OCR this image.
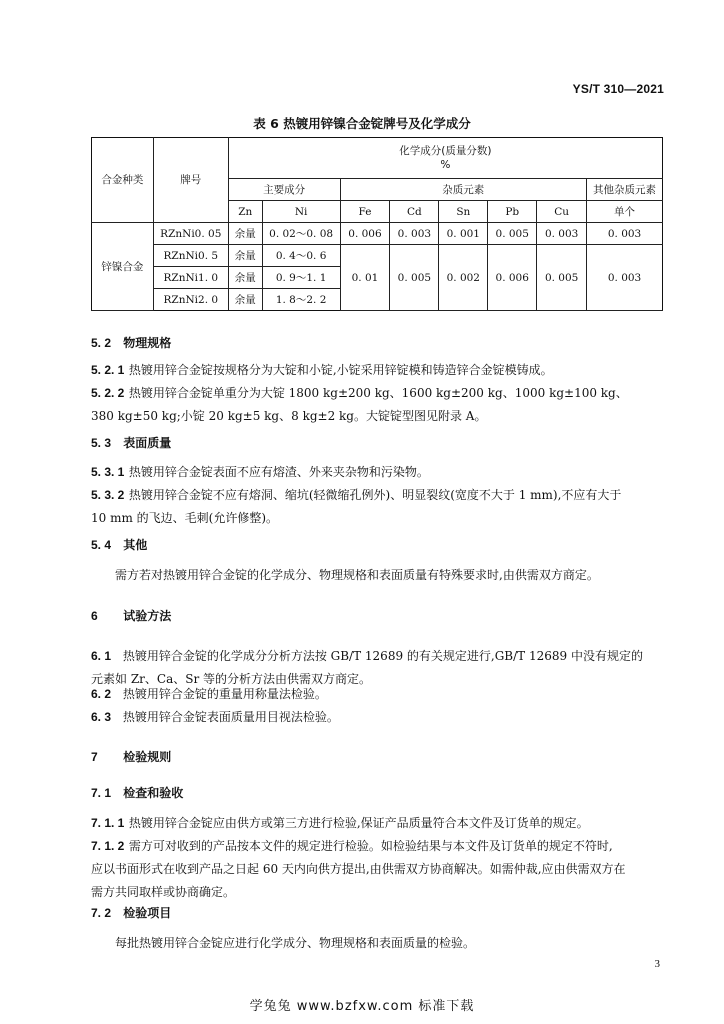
YS/T 310—2021
表 6 热镀用锌镍合金锭牌号及化学成分
合金种类	牌号	化学成分(质量分数)
%							

		主要成分		杂质元素					其他杂质元素
		Zn	Ni	Fe	Cd	Sn	Pb	Cu	单个
锌镍合金	RZnNi0. 05	余量	0. 02～0. 08	0. 006	0. 003	0. 001	0. 005	0. 003	0. 003
	RZnNi0. 5	余量	0. 4～0. 6	0. 01	0. 005	0. 002	0. 006	0. 005	0. 003
	RZnNi1. 0	余量	0. 9～1. 1						
	RZnNi2. 0	余量	1. 8～2. 2						
5. 2 物理规格
5. 2. 1 热镀用锌合金锭按规格分为大锭和小锭,小锭采用锌锭模和铸造锌合金锭模铸成。
5. 2. 2 热镀用锌合金锭单重分为大锭 1800 kg±200 kg、1600 kg±200 kg、1000 kg±100 kg、
380 kg±50 kg;小锭 20 kg±5 kg、8 kg±2 kg。大锭锭型图见附录 A。
5. 3 表面质量
5. 3. 1 热镀用锌合金锭表面不应有熔渣、外来夹杂物和污染物。
5. 3. 2 热镀用锌合金锭不应有熔洞、缩坑(轻微缩孔例外)、明显裂纹(宽度不大于 1 mm),不应有大于
10 mm 的飞边、毛刺(允许修整)。
5. 4 其他
需方若对热镀用锌合金锭的化学成分、物理规格和表面质量有特殊要求时,由供需双方商定。
6 试验方法
6. 1 热镀用锌合金锭的化学成分分析方法按 GB/T 12689 的有关规定进行,GB/T 12689 中没有规定的
元素如 Zr、Ca、Sr 等的分析方法由供需双方商定。
6. 2 热镀用锌合金锭的重量用称量法检验。
6. 3 热镀用锌合金锭表面质量用目视法检验。
7 检验规则
7. 1 检查和验收
7. 1. 1 热镀用锌合金锭应由供方或第三方进行检验,保证产品质量符合本文件及订货单的规定。
7. 1. 2 需方可对收到的产品按本文件的规定进行检验。如检验结果与本文件及订货单的规定不符时,
应以书面形式在收到产品之日起 60 天内向供方提出,由供需双方协商解决。如需仲裁,应由供需双方在
需方共同取样或协商确定。
7. 2 检验项目
每批热镀用锌合金锭应进行化学成分、物理规格和表面质量的检验。
3
学兔兔 www.bzfxw.com 标准下载
